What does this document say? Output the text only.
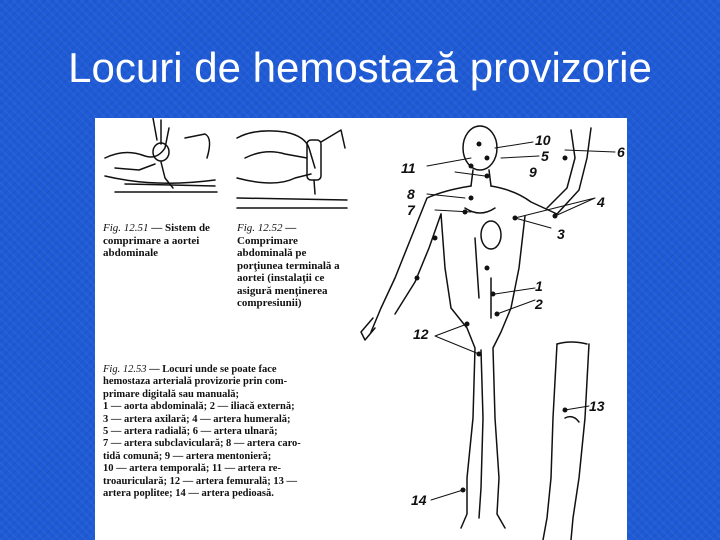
Locuri de hemostază provizorie
10
5	6
11	9
8
7	4
3
1
2
12
13
14
Fig. 12.51 — Sistem de comprimare a aortei abdominale
Fig. 12.52 — Comprimare abdominală pe porţiunea terminală a aortei (instalaţii ce asigură menţinerea compresiunii)
Fig. 12.53 — Locuri unde se poate face
hemostaza arterială provizorie prin com-
primare digitală sau manuală;
1 — aorta abdominală; 2 — iliacă externă;
3 — artera axilară; 4 — artera humerală;
5 — artera radială; 6 — artera ulnară;
7 — artera subclaviculară; 8 — artera caro-
tidă comună; 9 — artera mentonieră;
10 — artera temporală; 11 — artera re-
troauriculară; 12 — artera femurală; 13 —
artera poplitee; 14 — artera pedioasă.
